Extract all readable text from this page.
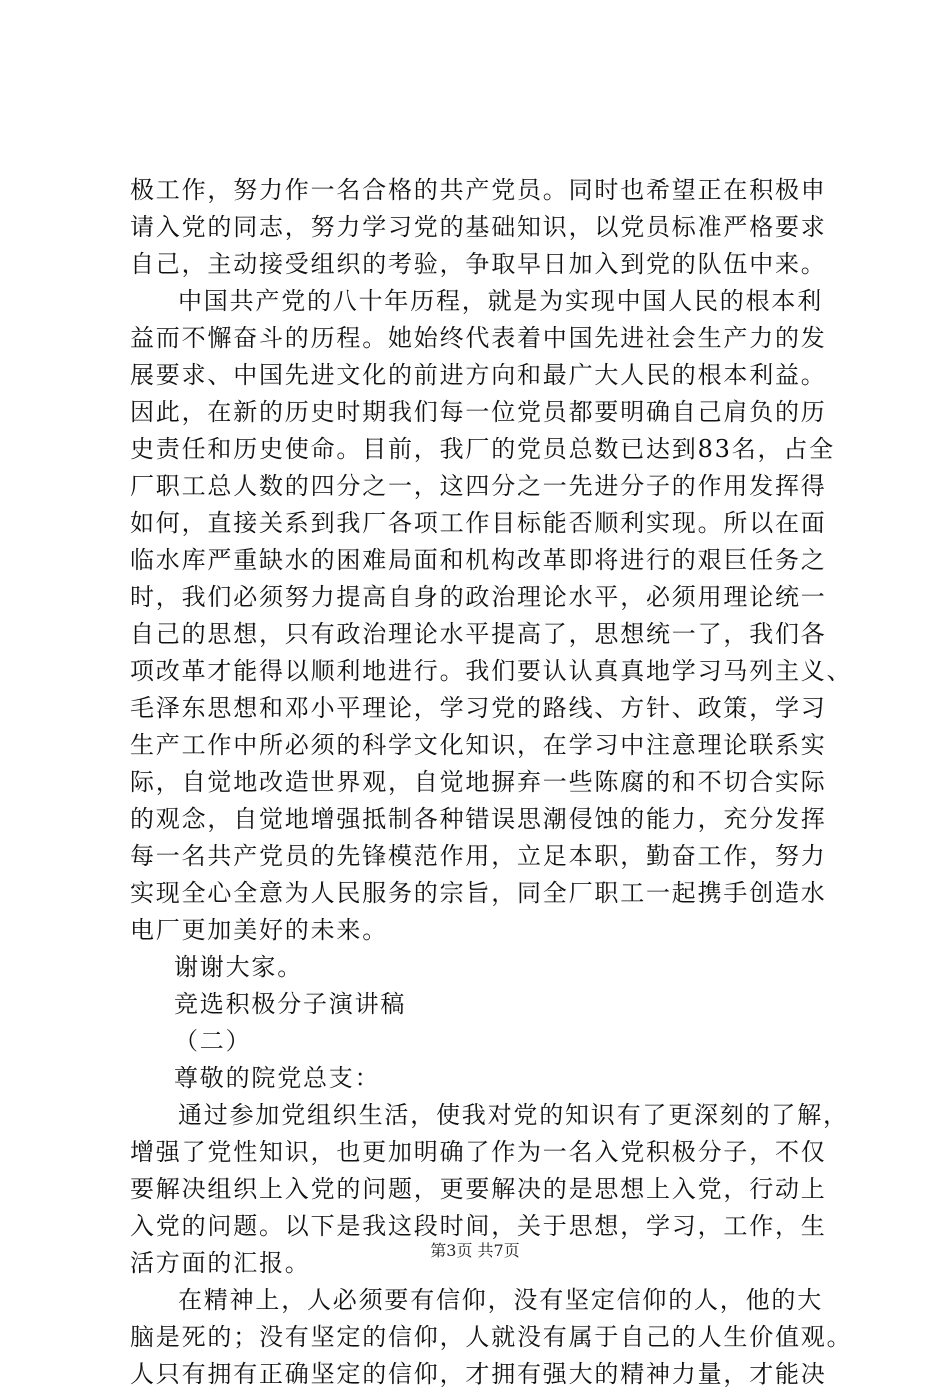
极工作，努力作一名合格的共产党员。同时也希望正在积极申
请入党的同志，努力学习党的基础知识，以党员标准严格要求
自己，主动接受组织的考验，争取早日加入到党的队伍中来。
中国共产党的八十年历程，就是为实现中国人民的根本利
益而不懈奋斗的历程。她始终代表着中国先进社会生产力的发
展要求、中国先进文化的前进方向和最广大人民的根本利益。
因此，在新的历史时期我们每一位党员都要明确自己肩负的历
史责任和历史使命。目前，我厂的党员总数已达到83名，占全
厂职工总人数的四分之一，这四分之一先进分子的作用发挥得
如何，直接关系到我厂各项工作目标能否顺利实现。所以在面
临水库严重缺水的困难局面和机构改革即将进行的艰巨任务之
时，我们必须努力提高自身的政治理论水平，必须用理论统一
自己的思想，只有政治理论水平提高了，思想统一了，我们各
项改革才能得以顺利地进行。我们要认认真真地学习马列主义、
毛泽东思想和邓小平理论，学习党的路线、方针、政策，学习
生产工作中所必须的科学文化知识，在学习中注意理论联系实
际，自觉地改造世界观，自觉地摒弃一些陈腐的和不切合实际
的观念，自觉地增强抵制各种错误思潮侵蚀的能力，充分发挥
每一名共产党员的先锋模范作用，立足本职，勤奋工作，努力
实现全心全意为人民服务的宗旨，同全厂职工一起携手创造水
电厂更加美好的未来。
谢谢大家。
竞选积极分子演讲稿
（二）
尊敬的院党总支：
通过参加党组织生活，使我对党的知识有了更深刻的了解，
增强了党性知识，也更加明确了作为一名入党积极分子，不仅
要解决组织上入党的问题，更要解决的是思想上入党，行动上
入党的问题。以下是我这段时间，关于思想，学习，工作，生
活方面的汇报。
在精神上，人必须要有信仰，没有坚定信仰的人，他的大
脑是死的；没有坚定的信仰，人就没有属于自己的人生价值观。
人只有拥有正确坚定的信仰，才拥有强大的精神力量，才能决
第3页 共7页
